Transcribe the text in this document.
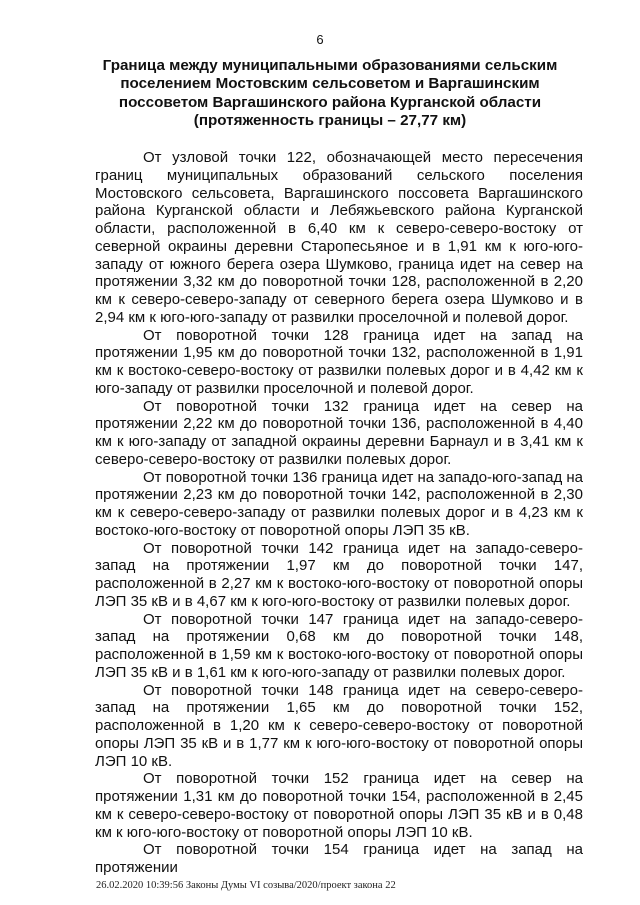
6
Граница между муниципальными образованиями сельским
поселением Мостовским сельсоветом и Варгашинским
поссоветом Варгашинского района Курганской области
(протяженность границы – 27,77 км)

От узловой точки 122, обозначающей место пересечения границ муниципальных образований сельского поселения Мостовского сельсовета, Варгашинского поссовета Варгашинского района Курганской области и Лебяжьевского района Курганской области, расположенной в 6,40 км к северо-северо-востоку от северной окраины деревни Старопесьяное и в 1,91 км к юго-юго-западу от южного берега озера Шумково, граница идет на север на протяжении 3,32 км до поворотной точки 128, расположенной в 2,20 км к северо-северо-западу от северного берега озера Шумково и в 2,94 км к юго-юго-западу от развилки проселочной и полевой дорог.

От поворотной точки 128 граница идет на запад на протяжении 1,95 км до поворотной точки 132, расположенной в 1,91 км к востоко-северо-востоку от развилки полевых дорог и в 4,42 км к юго-западу от развилки проселочной и полевой дорог.

От поворотной точки 132 граница идет на север на протяжении 2,22 км до поворотной точки 136, расположенной в 4,40 км к юго-западу от западной окраины деревни Барнаул и в 3,41 км к северо-северо-востоку от развилки полевых дорог.

От поворотной точки 136 граница идет на западо-юго-запад на протяжении 2,23 км до поворотной точки 142, расположенной в 2,30 км к северо-северо-западу от развилки полевых дорог и в 4,23 км к востоко-юго-востоку от поворотной опоры ЛЭП 35 кВ.

От поворотной точки 142 граница идет на западо-северо-запад на протяжении 1,97 км до поворотной точки 147, расположенной в 2,27 км к востоко-юго-востоку от поворотной опоры ЛЭП 35 кВ и в 4,67 км к юго-юго-востоку от развилки полевых дорог.

От поворотной точки 147 граница идет на западо-северо-запад на протяжении 0,68 км до поворотной точки 148, расположенной в 1,59 км к востоко-юго-востоку от поворотной опоры ЛЭП 35 кВ и в 1,61 км к юго-юго-западу от развилки полевых дорог.

От поворотной точки 148 граница идет на северо-северо-запад на протяжении 1,65 км до поворотной точки 152, расположенной в 1,20 км к северо-северо-востоку от поворотной опоры ЛЭП 35 кВ и в 1,77 км к юго-юго-востоку от поворотной опоры ЛЭП 10 кВ.

От поворотной точки 152 граница идет на север на протяжении 1,31 км до поворотной точки 154, расположенной в 2,45 км к северо-северо-востоку от поворотной опоры ЛЭП 35 кВ и в 0,48 км к юго-юго-востоку от поворотной опоры ЛЭП 10 кВ.

От поворотной точки 154 граница идет на запад на протяжении

26.02.2020 10:39:56 Законы Думы VI созыва/2020/проект закона 22
